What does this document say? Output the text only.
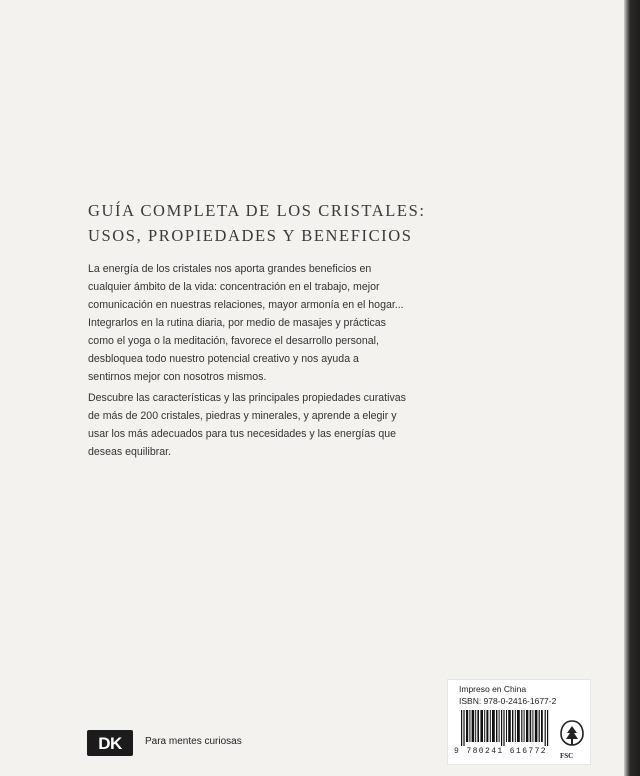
GUÍA COMPLETA DE LOS CRISTALES:
USOS, PROPIEDADES Y BENEFICIOS
La energía de los cristales nos aporta grandes beneficios en
cualquier ámbito de la vida: concentración en el trabajo, mejor
comunicación en nuestras relaciones, mayor armonía en el hogar...
Integrarlos en la rutina diaria, por medio de masajes y prácticas
como el yoga o la meditación, favorece el desarrollo personal,
desbloquea todo nuestro potencial creativo y nos ayuda a
sentirnos mejor con nosotros mismos.
Descubre las características y las principales propiedades curativas
de más de 200 cristales, piedras y minerales, y aprende a elegir y
usar los más adecuados para tus necesidades y las energías que
deseas equilibrar.
DK	Para mentes curiosas
Impreso en China
ISBN: 978-0-2416-1677-2
9 780241 616772 FSC
